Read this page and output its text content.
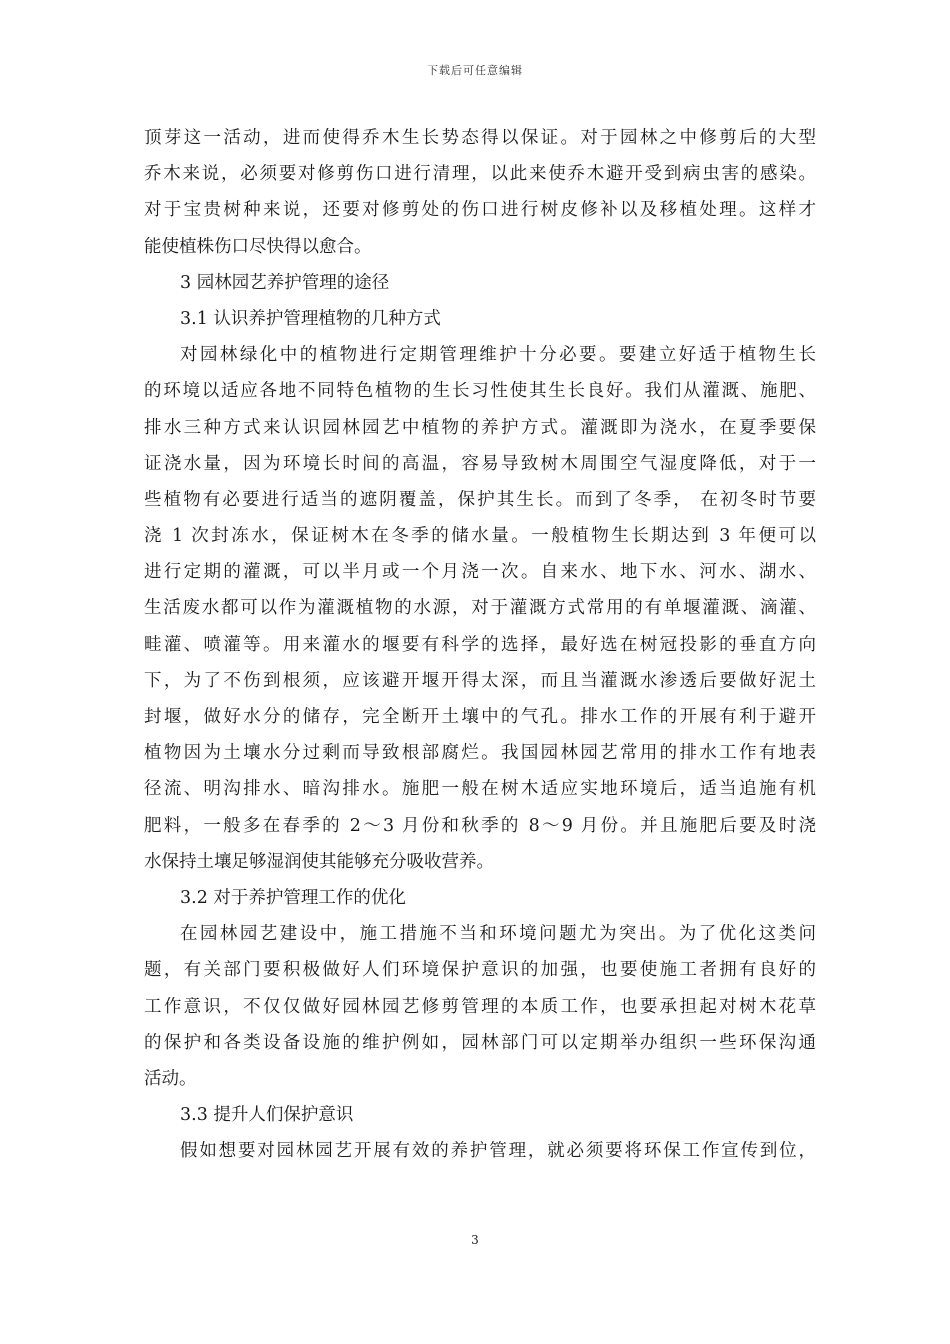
下载后可任意编辑
顶芽这一活动，进而使得乔木生长势态得以保证。对于园林之中修剪后的大型
乔木来说，必须要对修剪伤口进行清理，以此来使乔木避开受到病虫害的感染。
对于宝贵树种来说，还要对修剪处的伤口进行树皮修补以及移植处理。这样才
能使植株伤口尽快得以愈合。
3 园林园艺养护管理的途径
3.1 认识养护管理植物的几种方式
对园林绿化中的植物进行定期管理维护十分必要。要建立好适于植物生长
的环境以适应各地不同特色植物的生长习性使其生长良好。我们从灌溉、施肥、
排水三种方式来认识园林园艺中植物的养护方式。灌溉即为浇水，在夏季要保
证浇水量，因为环境长时间的高温，容易导致树木周围空气湿度降低，对于一
些植物有必要进行适当的遮阴覆盖，保护其生长。而到了冬季， 在初冬时节要
浇 1 次封冻水，保证树木在冬季的储水量。一般植物生长期达到 3 年便可以
进行定期的灌溉，可以半月或一个月浇一次。自来水、地下水、河水、湖水、
生活废水都可以作为灌溉植物的水源，对于灌溉方式常用的有单堰灌溉、滴灌、
畦灌、喷灌等。用来灌水的堰要有科学的选择，最好选在树冠投影的垂直方向
下，为了不伤到根须，应该避开堰开得太深，而且当灌溉水渗透后要做好泥土
封堰，做好水分的储存，完全断开土壤中的气孔。排水工作的开展有利于避开
植物因为土壤水分过剩而导致根部腐烂。我国园林园艺常用的排水工作有地表
径流、明沟排水、暗沟排水。施肥一般在树木适应实地环境后，适当追施有机
肥料，一般多在春季的 2～3 月份和秋季的 8～9 月份。并且施肥后要及时浇
水保持土壤足够湿润使其能够充分吸收营养。
3.2 对于养护管理工作的优化
在园林园艺建设中，施工措施不当和环境问题尤为突出。为了优化这类问
题，有关部门要积极做好人们环境保护意识的加强，也要使施工者拥有良好的
工作意识，不仅仅做好园林园艺修剪管理的本质工作，也要承担起对树木花草
的保护和各类设备设施的维护例如，园林部门可以定期举办组织一些环保沟通
活动。
3.3 提升人们保护意识
假如想要对园林园艺开展有效的养护管理，就必须要将环保工作宣传到位，
3
